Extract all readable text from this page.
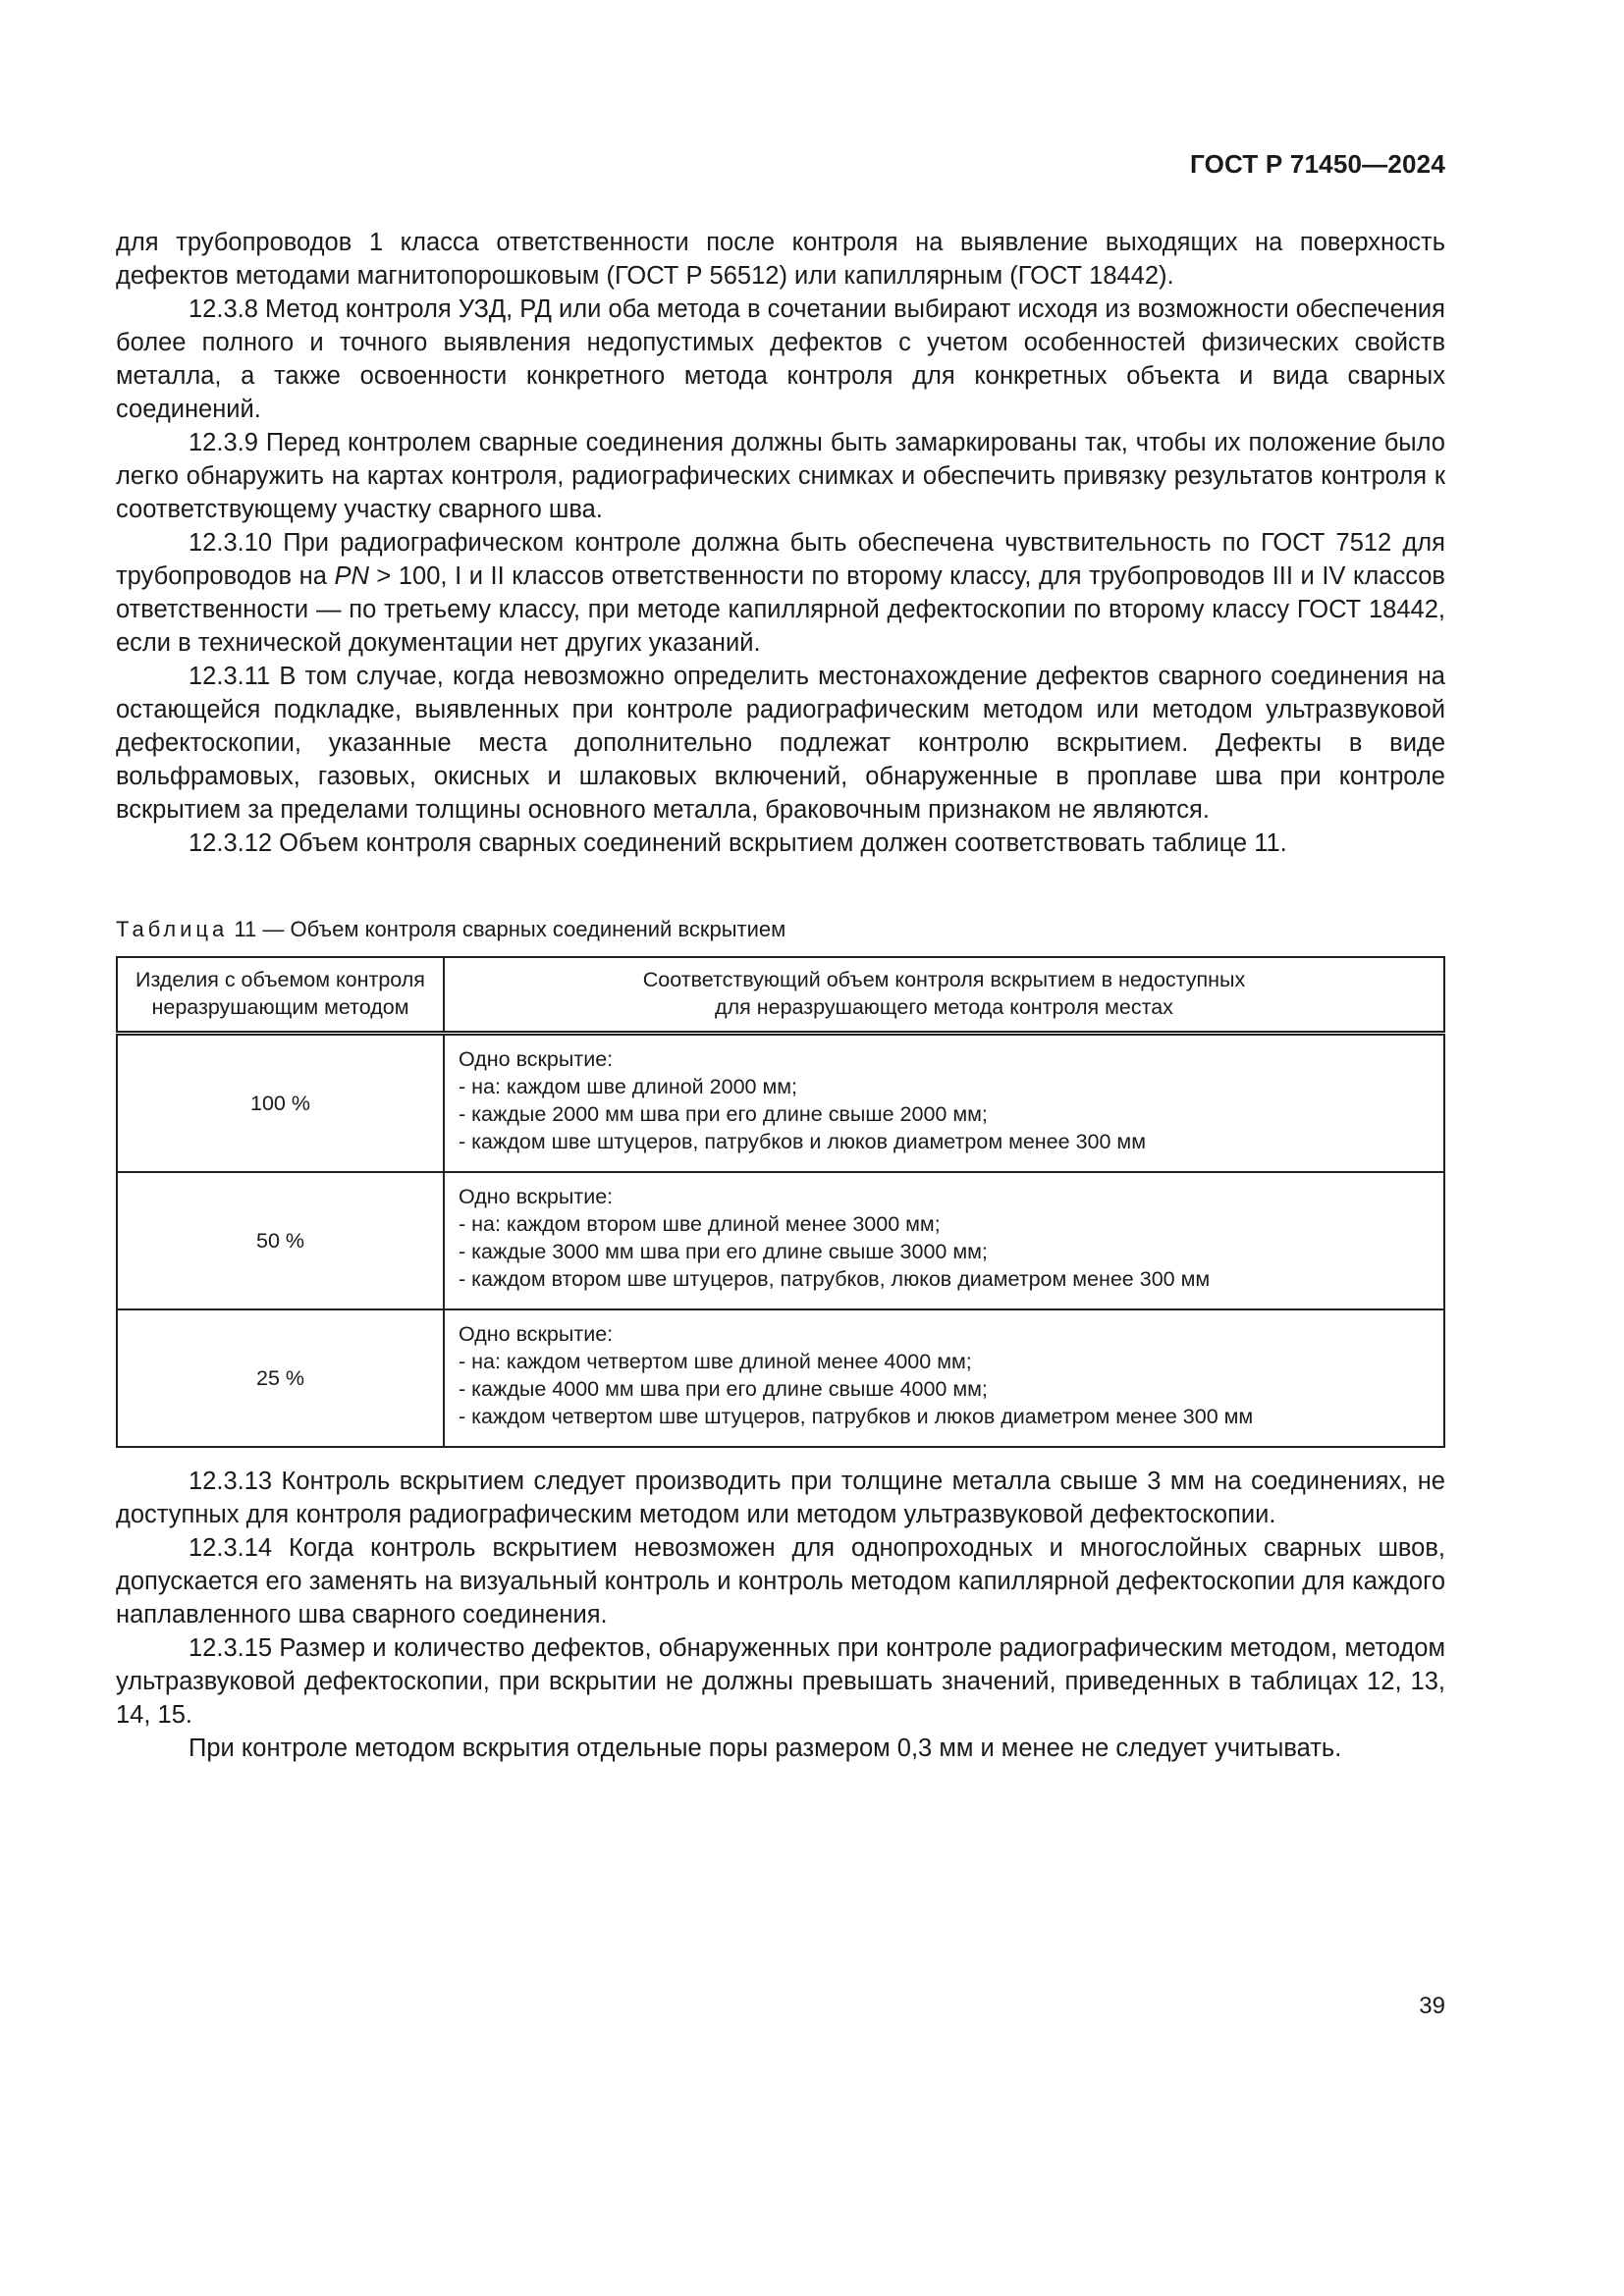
ГОСТ Р 71450—2024

для трубопроводов 1 класса ответственности после контроля на выявление выходящих на поверхность дефектов методами магнитопорошковым (ГОСТ Р 56512) или капиллярным (ГОСТ 18442).

12.3.8 Метод контроля УЗД, РД или оба метода в сочетании выбирают исходя из возможности обеспечения более полного и точного выявления недопустимых дефектов с учетом особенностей физических свойств металла, а также освоенности конкретного метода контроля для конкретных объекта и вида сварных соединений.

12.3.9 Перед контролем сварные соединения должны быть замаркированы так, чтобы их положение было легко обнаружить на картах контроля, радиографических снимках и обеспечить привязку результатов контроля к соответствующему участку сварного шва.

12.3.10 При радиографическом контроле должна быть обеспечена чувствительность по ГОСТ 7512 для трубопроводов на PN > 100, I и II классов ответственности по второму классу, для трубопроводов III и IV классов ответственности — по третьему классу, при методе капиллярной дефектоскопии по второму классу ГОСТ 18442, если в технической документации нет других указаний.

12.3.11 В том случае, когда невозможно определить местонахождение дефектов сварного соединения на остающейся подкладке, выявленных при контроле радиографическим методом или методом ультразвуковой дефектоскопии, указанные места дополнительно подлежат контролю вскрытием. Дефекты в виде вольфрамовых, газовых, окисных и шлаковых включений, обнаруженные в проплаве шва при контроле вскрытием за пределами толщины основного металла, браковочным признаком не являются.

12.3.12 Объем контроля сварных соединений вскрытием должен соответствовать таблице 11.

Таблица 11 — Объем контроля сварных соединений вскрытием
Изделия с объемом контроля
неразрушающим методом	Соответствующий объем контроля вскрытием в недоступных
для неразрушающего метода контроля местах

100 %	Одно вскрытие:
- на: каждом шве длиной 2000 мм;
- каждые 2000 мм шва при его длине свыше 2000 мм;
- каждом шве штуцеров, патрубков и люков диаметром менее 300 мм

50 %	Одно вскрытие:
- на: каждом втором шве длиной менее 3000 мм;
- каждые 3000 мм шва при его длине свыше 3000 мм;
- каждом втором шве штуцеров, патрубков, люков диаметром менее 300 мм

25 %	Одно вскрытие:
- на: каждом четвертом шве длиной менее 4000 мм;
- каждые 4000 мм шва при его длине свыше 4000 мм;
- каждом четвертом шве штуцеров, патрубков и люков диаметром менее 300 мм

12.3.13 Контроль вскрытием следует производить при толщине металла свыше 3 мм на соединениях, не доступных для контроля радиографическим методом или методом ультразвуковой дефектоскопии.

12.3.14 Когда контроль вскрытием невозможен для однопроходных и многослойных сварных швов, допускается его заменять на визуальный контроль и контроль методом капиллярной дефектоскопии для каждого наплавленного шва сварного соединения.

12.3.15 Размер и количество дефектов, обнаруженных при контроле радиографическим методом, методом ультразвуковой дефектоскопии, при вскрытии не должны превышать значений, приведенных в таблицах 12, 13, 14, 15.

При контроле методом вскрытия отдельные поры размером 0,3 мм и менее не следует учитывать.

39
